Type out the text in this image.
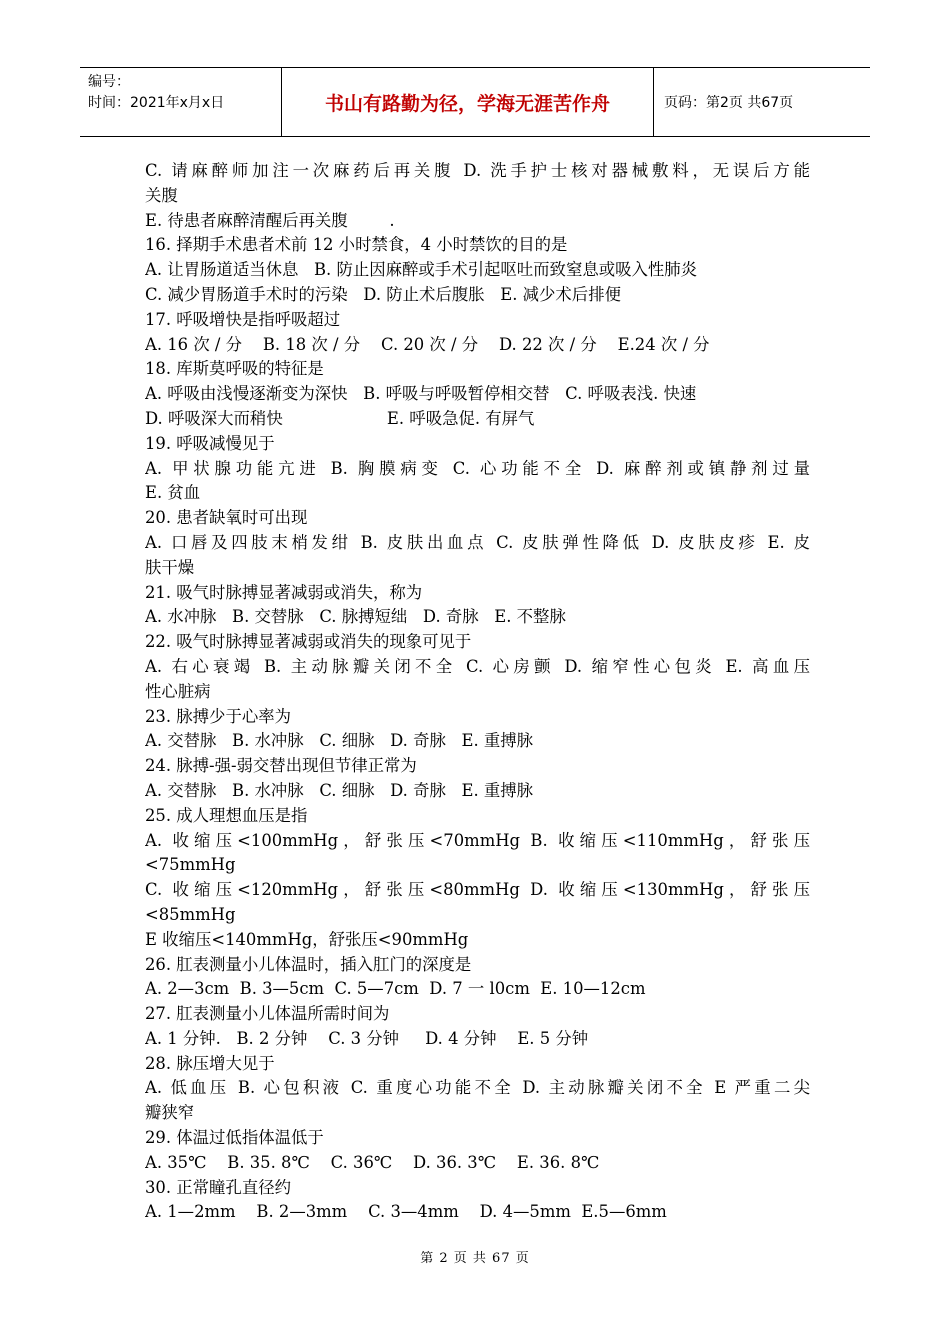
编号：
时间：2021年x月x日	书山有路勤为径，学海无涯苦作舟	页码：第2页 共67页
C. 请麻醉师加注一次麻药后再关腹 D. 洗手护士核对器械敷料，无误后方能
关腹
E. 待患者麻醉清醒后再关腹        .
16. 择期手术患者术前 12 小时禁食，4 小时禁饮的目的是
A. 让胃肠道适当休息   B. 防止因麻醉或手术引起呕吐而致窒息或吸入性肺炎
C. 减少胃肠道手术时的污染   D. 防止术后腹胀   E. 减少术后排便
17. 呼吸增快是指呼吸超过
A. 16 次 / 分    B. 18 次 / 分    C. 20 次 / 分    D. 22 次 / 分    E.24 次 / 分
18. 库斯莫呼吸的特征是
A. 呼吸由浅慢逐渐变为深快   B. 呼吸与呼吸暂停相交替   C. 呼吸表浅. 快速
D. 呼吸深大而稍快                    E. 呼吸急促. 有屏气
19. 呼吸减慢见于
A. 甲状腺功能亢进 B. 胸膜病变 C. 心功能不全 D. 麻醉剂或镇静剂过量
E. 贫血
20. 患者缺氧时可出现
A. 口唇及四肢末梢发绀 B. 皮肤出血点 C. 皮肤弹性降低 D. 皮肤皮疹 E. 皮
肤干燥
21. 吸气时脉搏显著减弱或消失，称为
A. 水冲脉   B. 交替脉   C. 脉搏短绌   D. 奇脉   E. 不整脉
22. 吸气时脉搏显著减弱或消失的现象可见于
A. 右心衰竭 B. 主动脉瓣关闭不全 C. 心房颤 D. 缩窄性心包炎 E. 高血压
性心脏病
23. 脉搏少于心率为
A. 交替脉   B. 水冲脉   C. 细脉   D. 奇脉   E. 重搏脉
24. 脉搏-强-弱交替出现但节律正常为
A. 交替脉   B. 水冲脉   C. 细脉   D. 奇脉   E. 重搏脉
25. 成人理想血压是指
A. 收缩压<100mmHg，舒张压<70mmHg B. 收缩压<110mmHg，舒张压
<75mmHg
C. 收缩压<120mmHg，舒张压<80mmHg D. 收缩压<130mmHg，舒张压
<85mmHg
E 收缩压<140mmHg，舒张压<90mmHg
26. 肛表测量小儿体温时，插入肛门的深度是
A. 2—3cm  B. 3—5cm  C. 5—7cm  D. 7 一 l0cm  E. 10—12cm
27. 肛表测量小儿体温所需时间为
A. 1 分钟.   B. 2 分钟    C. 3 分钟     D. 4 分钟    E. 5 分钟
28. 脉压增大见于
A. 低血压 B. 心包积液 C. 重度心功能不全 D. 主动脉瓣关闭不全 E 严重二尖
瓣狭窄
29. 体温过低指体温低于
A. 35℃    B. 35. 8℃    C. 36℃    D. 36. 3℃    E. 36. 8℃
30. 正常瞳孔直径约
A. 1—2mm    B. 2—3mm    C. 3—4mm    D. 4—5mm  E.5—6mm
第 2 页 共 67 页
